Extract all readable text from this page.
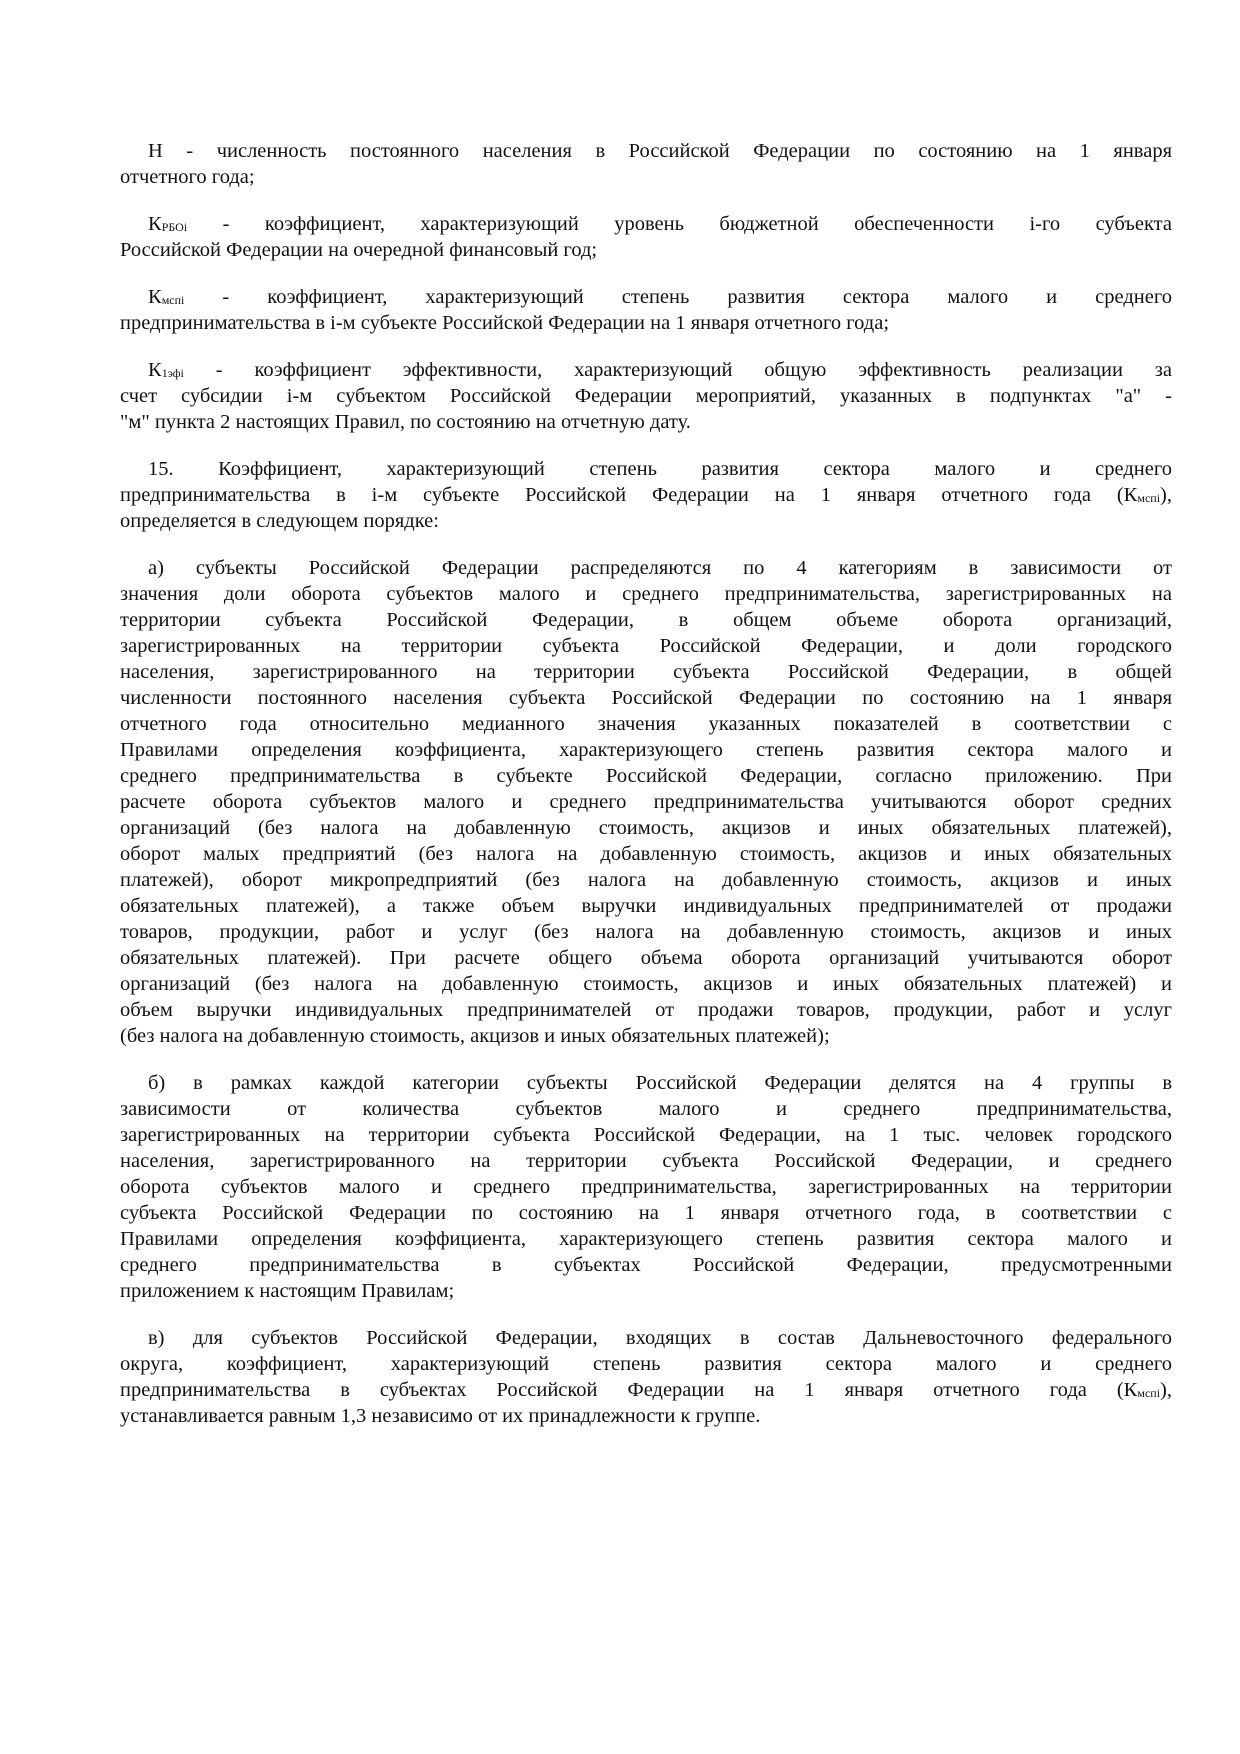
Н - численность постоянного населения в Российской Федерации по состоянию на 1 января
отчетного года;
$К_{РБОi}$ - коэффициент, характеризующий уровень бюджетной обеспеченности i-го субъекта
Российской Федерации на очередной финансовый год;
$К_{мспi}$ - коэффициент, характеризующий степень развития сектора малого и среднего
предпринимательства в i-м субъекте Российской Федерации на 1 января отчетного года;
$К_{1эфi}$ - коэффициент эффективности, характеризующий общую эффективность реализации за
счет субсидии i-м субъектом Российской Федерации мероприятий, указанных в подпунктах "а" -
"м" пункта 2 настоящих Правил, по состоянию на отчетную дату.
15. Коэффициент, характеризующий степень развития сектора малого и среднего
предпринимательства в i-м субъекте Российской Федерации на 1 января отчетного года $(К_{мспi})$,
определяется в следующем порядке:
а) субъекты Российской Федерации распределяются по 4 категориям в зависимости от
значения доли оборота субъектов малого и среднего предпринимательства, зарегистрированных на
территории субъекта Российской Федерации, в общем объеме оборота организаций,
зарегистрированных на территории субъекта Российской Федерации, и доли городского
населения, зарегистрированного на территории субъекта Российской Федерации, в общей
численности постоянного населения субъекта Российской Федерации по состоянию на 1 января
отчетного года относительно медианного значения указанных показателей в соответствии с
Правилами определения коэффициента, характеризующего степень развития сектора малого и
среднего предпринимательства в субъекте Российской Федерации, согласно приложению. При
расчете оборота субъектов малого и среднего предпринимательства учитываются оборот средних
организаций (без налога на добавленную стоимость, акцизов и иных обязательных платежей),
оборот малых предприятий (без налога на добавленную стоимость, акцизов и иных обязательных
платежей), оборот микропредприятий (без налога на добавленную стоимость, акцизов и иных
обязательных платежей), а также объем выручки индивидуальных предпринимателей от продажи
товаров, продукции, работ и услуг (без налога на добавленную стоимость, акцизов и иных
обязательных платежей). При расчете общего объема оборота организаций учитываются оборот
организаций (без налога на добавленную стоимость, акцизов и иных обязательных платежей) и
объем выручки индивидуальных предпринимателей от продажи товаров, продукции, работ и услуг
(без налога на добавленную стоимость, акцизов и иных обязательных платежей);
б) в рамках каждой категории субъекты Российской Федерации делятся на 4 группы в
зависимости от количества субъектов малого и среднего предпринимательства,
зарегистрированных на территории субъекта Российской Федерации, на 1 тыс. человек городского
населения, зарегистрированного на территории субъекта Российской Федерации, и среднего
оборота субъектов малого и среднего предпринимательства, зарегистрированных на территории
субъекта Российской Федерации по состоянию на 1 января отчетного года, в соответствии с
Правилами определения коэффициента, характеризующего степень развития сектора малого и
среднего предпринимательства в субъектах Российской Федерации, предусмотренными
приложением к настоящим Правилам;
в) для субъектов Российской Федерации, входящих в состав Дальневосточного федерального
округа, коэффициент, характеризующий степень развития сектора малого и среднего
предпринимательства в субъектах Российской Федерации на 1 января отчетного года $(К_{мспi})$,
устанавливается равным 1,3 независимо от их принадлежности к группе.
